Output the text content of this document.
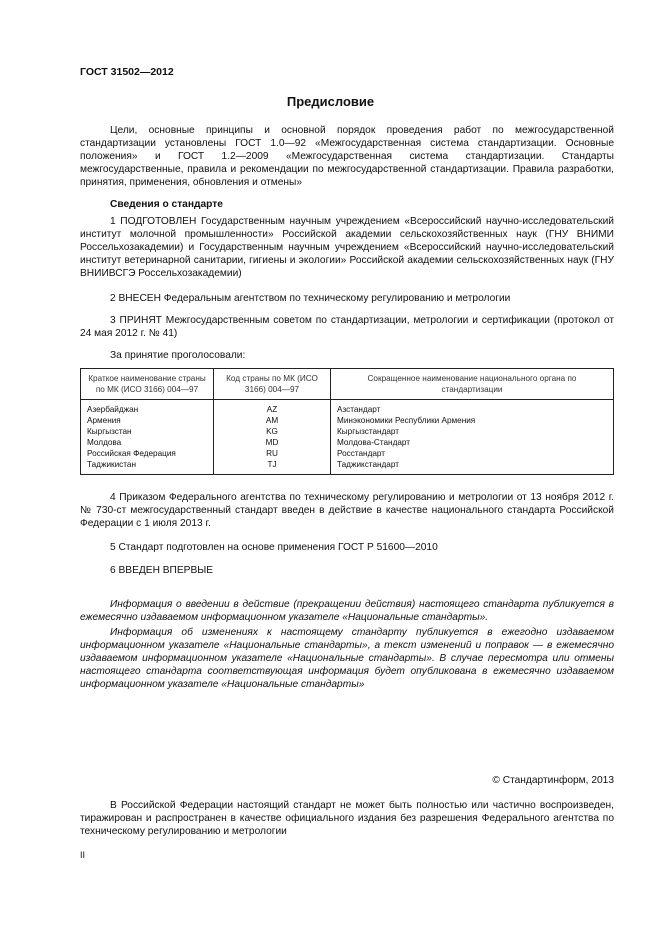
ГОСТ 31502—2012
Предисловие
Цели, основные принципы и основной порядок проведения работ по межгосударственной стандартизации установлены ГОСТ 1.0—92 «Межгосударственная система стандартизации. Основные положения» и ГОСТ 1.2—2009 «Межгосударственная система стандартизации. Стандарты межгосударственные, правила и рекомендации по межгосударственной стандартизации. Правила разработки, принятия, применения, обновления и отмены»
Сведения о стандарте
1 ПОДГОТОВЛЕН Государственным научным учреждением «Всероссийский научно-исследовательский институт молочной промышленности» Российской академии сельскохозяйственных наук (ГНУ ВНИМИ Россельхозакадемии) и Государственным научным учреждением «Всероссийский научно-исследовательский институт ветеринарной санитарии, гигиены и экологии» Российской академии сельскохозяйственных наук (ГНУ ВНИИВСГЭ Россельхозакадемии)
2 ВНЕСЕН Федеральным агентством по техническому регулированию и метрологии
3 ПРИНЯТ Межгосударственным советом по стандартизации, метрологии и сертификации (протокол от 24 мая 2012 г. № 41)
За принятие проголосовали:
Краткое наименование страны по МК (ИСО 3166) 004—97	Код страны по МК (ИСО 3166) 004—97	Сокращенное наименование национального органа по стандартизации
Азербайджан	AZ	Азстандарт
Армения	AM	Минэкономики Республики Армения
Кыргызстан	KG	Кыргызстандарт
Молдова	MD	Молдова-Стандарт
Российская Федерация	RU	Росстандарт
Таджикистан	TJ	Таджикстандарт
4 Приказом Федерального агентства по техническому регулированию и метрологии от 13 ноября 2012 г. № 730-ст межгосударственный стандарт введен в действие в качестве национального стандарта Российской Федерации с 1 июля 2013 г.
5 Стандарт подготовлен на основе применения ГОСТ Р 51600—2010
6 ВВЕДЕН ВПЕРВЫЕ
Информация о введении в действие (прекращении действия) настоящего стандарта публикуется в ежемесячно издаваемом информационном указателе «Национальные стандарты».
Информация об изменениях к настоящему стандарту публикуется в ежегодно издаваемом информационном указателе «Национальные стандарты», а текст изменений и поправок — в ежемесячно издаваемом информационном указателе «Национальные стандарты». В случае пересмотра или отмены настоящего стандарта соответствующая информация будет опубликована в ежемесячно издаваемом информационном указателе «Национальные стандарты»
© Стандартинформ, 2013
В Российской Федерации настоящий стандарт не может быть полностью или частично воспроизведен, тиражирован и распространен в качестве официального издания без разрешения Федерального агентства по техническому регулированию и метрологии
II
